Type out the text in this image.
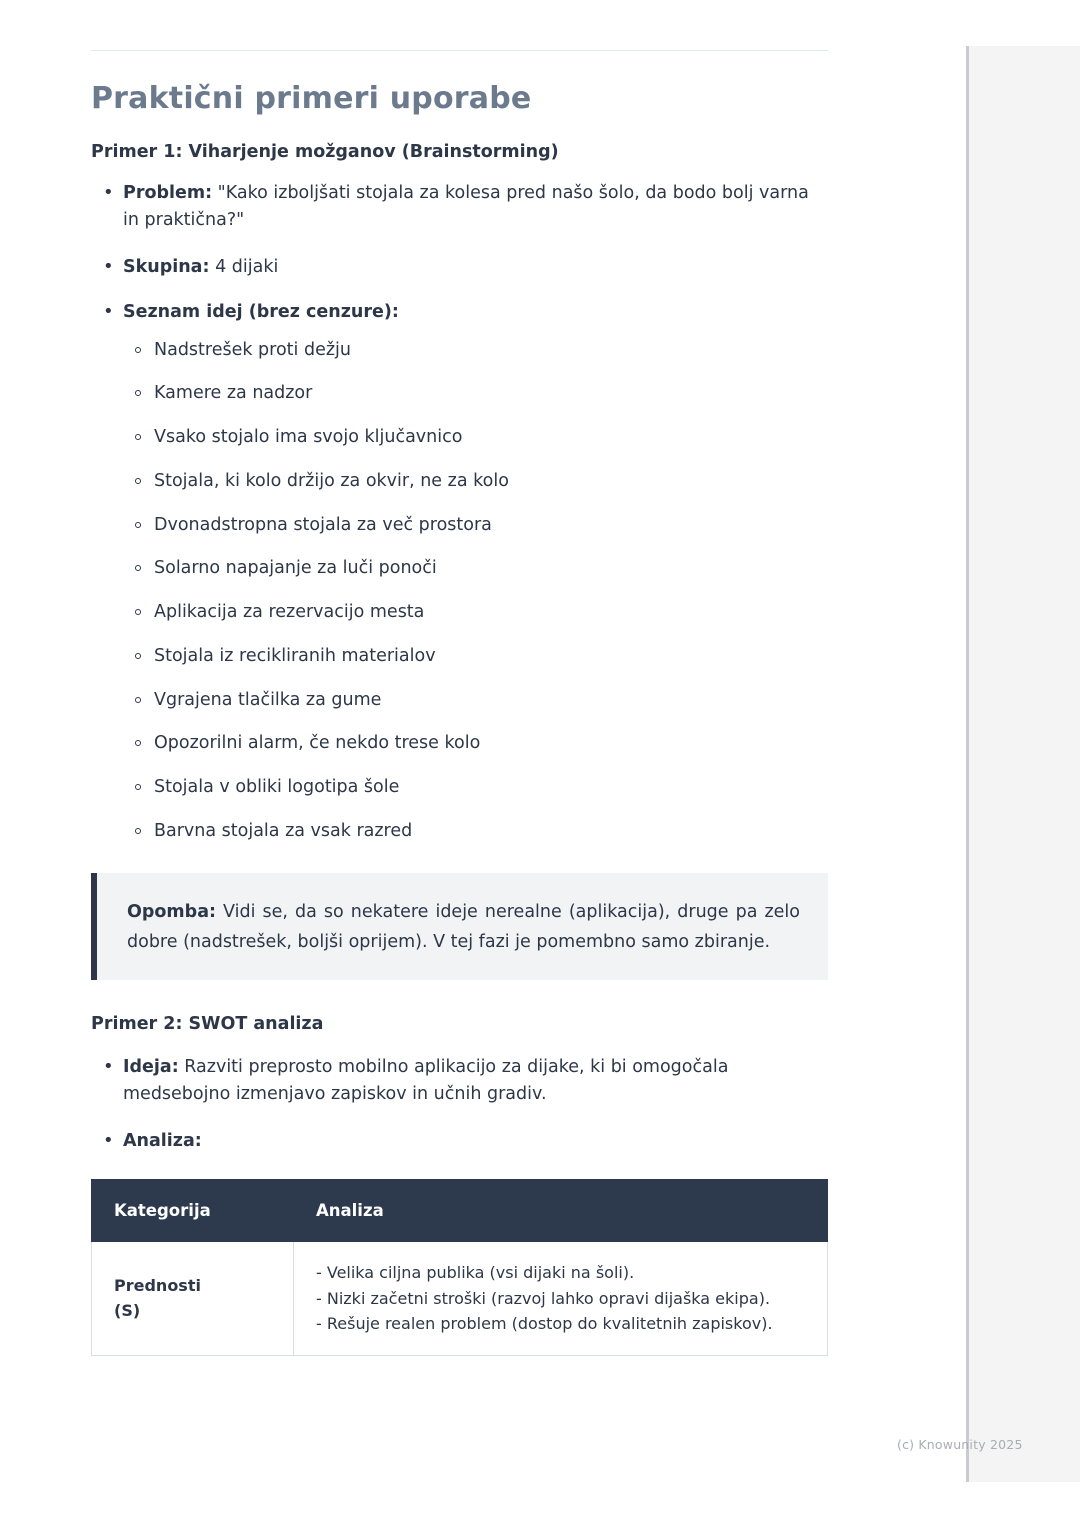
Praktični primeri uporabe
Primer 1: Viharjenje možganov (Brainstorming)
• Problem: "Kako izboljšati stojala za kolesa pred našo šolo, da bodo bolj varna in praktična?"
• Skupina: 4 dijaki
• Seznam idej (brez cenzure):
Nadstrešek proti dežju
Kamere za nadzor
Vsako stojalo ima svojo ključavnico
Stojala, ki kolo držijo za okvir, ne za kolo
Dvonadstropna stojala za več prostora
Solarno napajanje za luči ponoči
Aplikacija za rezervacijo mesta
Stojala iz recikliranih materialov
Vgrajena tlačilka za gume
Opozorilni alarm, če nekdo trese kolo
Stojala v obliki logotipa šole
Barvna stojala za vsak razred
Opomba: Vidi se, da so nekatere ideje nerealne (aplikacija), druge pa zelo dobre (nadstrešek, boljši oprijem). V tej fazi je pomembno samo zbiranje.
Primer 2: SWOT analiza
• Ideja: Razviti preprosto mobilno aplikacijo za dijake, ki bi omogočala medsebojno izmenjavo zapiskov in učnih gradiv.
• Analiza:
Kategorija	Analiza
Prednosti
(S)	- Velika ciljna publika (vsi dijaki na šoli).
- Nizki začetni stroški (razvoj lahko opravi dijaška ekipa).
- Rešuje realen problem (dostop do kvalitetnih zapiskov).
(c) Knowunity 2025
